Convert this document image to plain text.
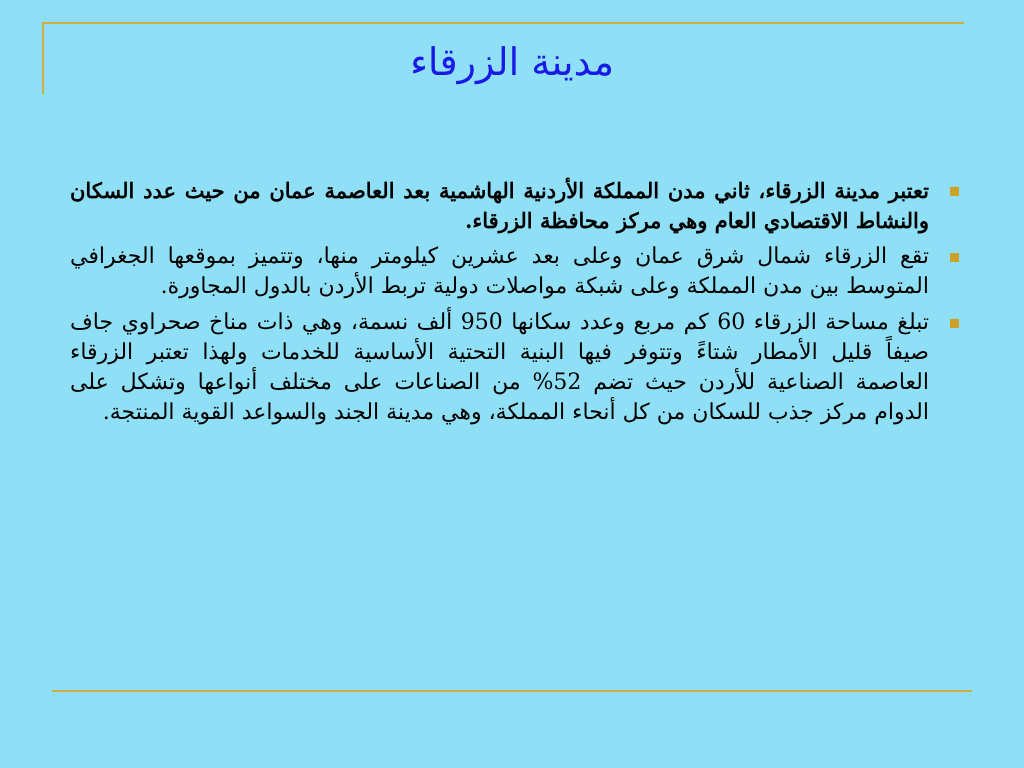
مدينة الزرقاء

تعتبر مدينة الزرقاء، ثاني مدن المملكة الأردنية الهاشمية بعد العاصمة عمان من حيث عدد السكان والنشاط الاقتصادي العام وهي مركز محافظة الزرقاء.

تقع الزرقاء شمال شرق عمان وعلى بعد عشرين كيلومتر منها، وتتميز بموقعها الجغرافي المتوسط بين مدن المملكة وعلى شبكة مواصلات دولية تربط الأردن بالدول المجاورة.

تبلغ مساحة الزرقاء 60 كم مربع وعدد سكانها 950 ألف نسمة، وهي ذات مناخ صحراوي جاف صيفاً قليل الأمطار شتاءً وتتوفر فيها البنية التحتية الأساسية للخدمات ولهذا تعتبر الزرقاء العاصمة الصناعية للأردن حيث تضم 52% من الصناعات على مختلف أنواعها وتشكل على الدوام مركز جذب للسكان من كل أنحاء المملكة، وهي مدينة الجند والسواعد القوية المنتجة.
